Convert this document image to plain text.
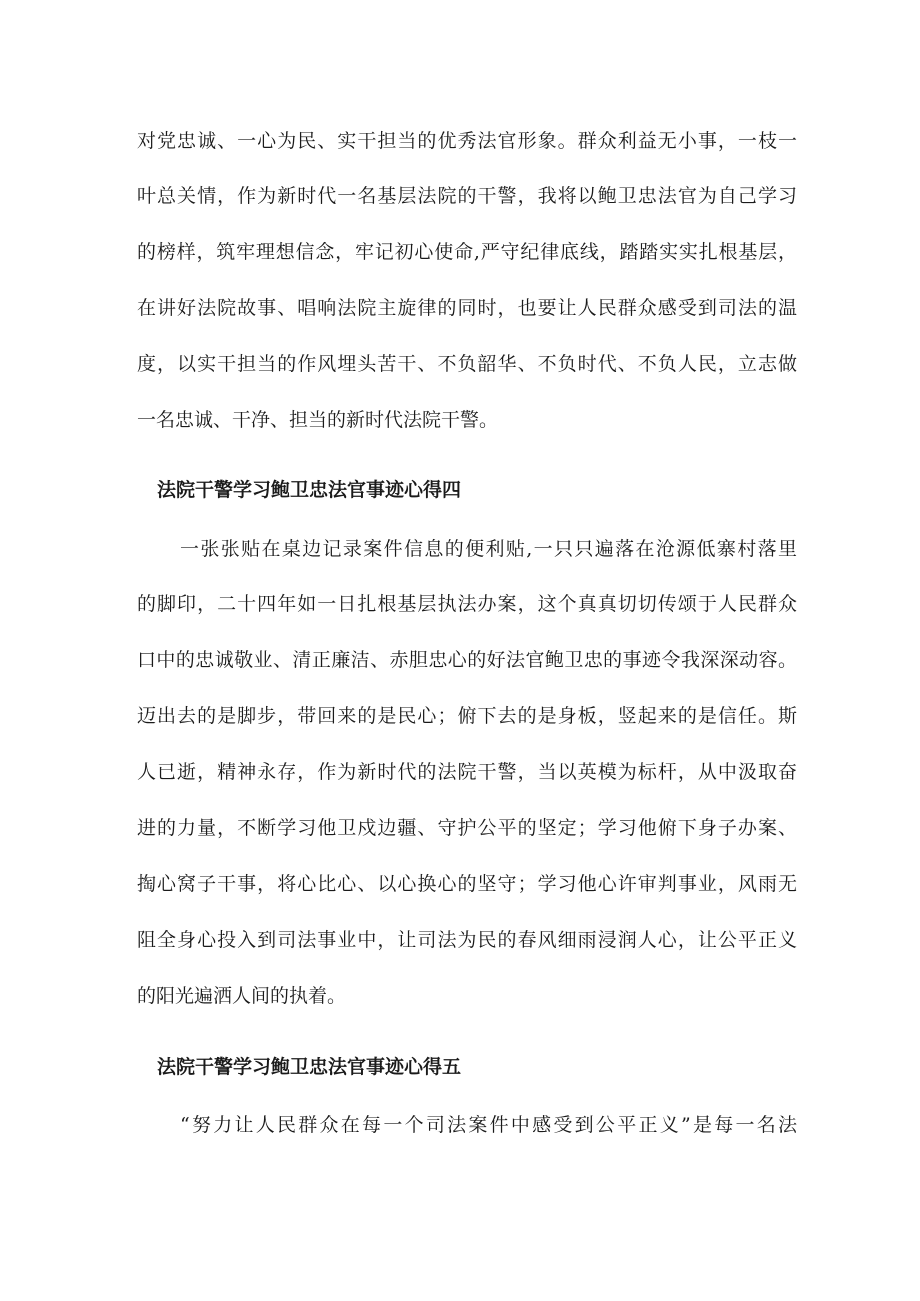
对党忠诚、一心为民、实干担当的优秀法官形象。群众利益无小事，一枝一
叶总关情，作为新时代一名基层法院的干警，我将以鲍卫忠法官为自己学习
的榜样，筑牢理想信念，牢记初心使命,严守纪律底线，踏踏实实扎根基层，
在讲好法院故事、唱响法院主旋律的同时，也要让人民群众感受到司法的温
度，以实干担当的作风埋头苦干、不负韶华、不负时代、不负人民，立志做
一名忠诚、干净、担当的新时代法院干警。
法院干警学习鲍卫忠法官事迹心得四
一张张贴在桌边记录案件信息的便利贴,一只只遍落在沧源低寨村落里
的脚印，二十四年如一日扎根基层执法办案，这个真真切切传颂于人民群众
口中的忠诚敬业、清正廉洁、赤胆忠心的好法官鲍卫忠的事迹令我深深动容。
迈出去的是脚步，带回来的是民心；俯下去的是身板，竖起来的是信任。斯
人已逝，精神永存，作为新时代的法院干警，当以英模为标杆，从中汲取奋
进的力量，不断学习他卫戍边疆、守护公平的坚定；学习他俯下身子办案、
掏心窝子干事，将心比心、以心换心的坚守；学习他心许审判事业，风雨无
阻全身心投入到司法事业中，让司法为民的春风细雨浸润人心，让公平正义
的阳光遍洒人间的执着。
法院干警学习鲍卫忠法官事迹心得五
“努力让人民群众在每一个司法案件中感受到公平正义”是每一名法
